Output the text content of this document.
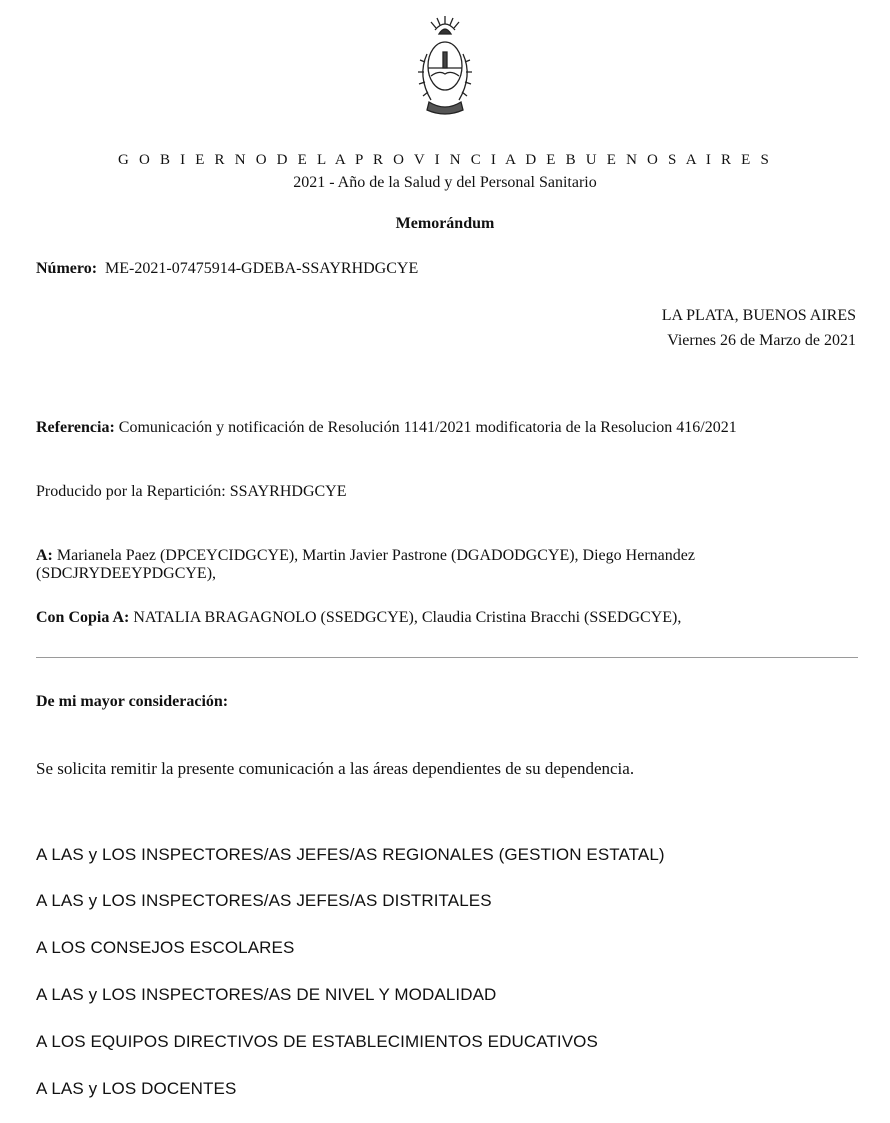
G O B I E R N O D E L A P R O V I N C I A D E B U E N O S A I R E S
2021 - Año de la Salud y del Personal Sanitario
Memorándum
Número: ME-2021-07475914-GDEBA-SSAYRHDGCYE
LA PLATA, BUENOS AIRES
Viernes 26 de Marzo de 2021
Referencia: Comunicación y notificación de Resolución 1141/2021 modificatoria de la Resolucion 416/2021
Producido por la Repartición: SSAYRHDGCYE
A: Marianela Paez (DPCEYCIDGCYE), Martin Javier Pastrone (DGADODGCYE), Diego Hernandez (SDCJRYDEEYPDGCYE),
Con Copia A: NATALIA BRAGAGNOLO (SSEDGCYE), Claudia Cristina Bracchi (SSEDGCYE),
De mi mayor consideración:
Se solicita remitir la presente comunicación a las áreas dependientes de su dependencia.
A LAS y LOS INSPECTORES/AS JEFES/AS REGIONALES (GESTION ESTATAL)
A LAS y LOS INSPECTORES/AS JEFES/AS DISTRITALES
A LOS CONSEJOS ESCOLARES
A LAS y LOS INSPECTORES/AS DE NIVEL Y MODALIDAD
A LOS EQUIPOS DIRECTIVOS DE ESTABLECIMIENTOS EDUCATIVOS
A LAS y LOS DOCENTES
